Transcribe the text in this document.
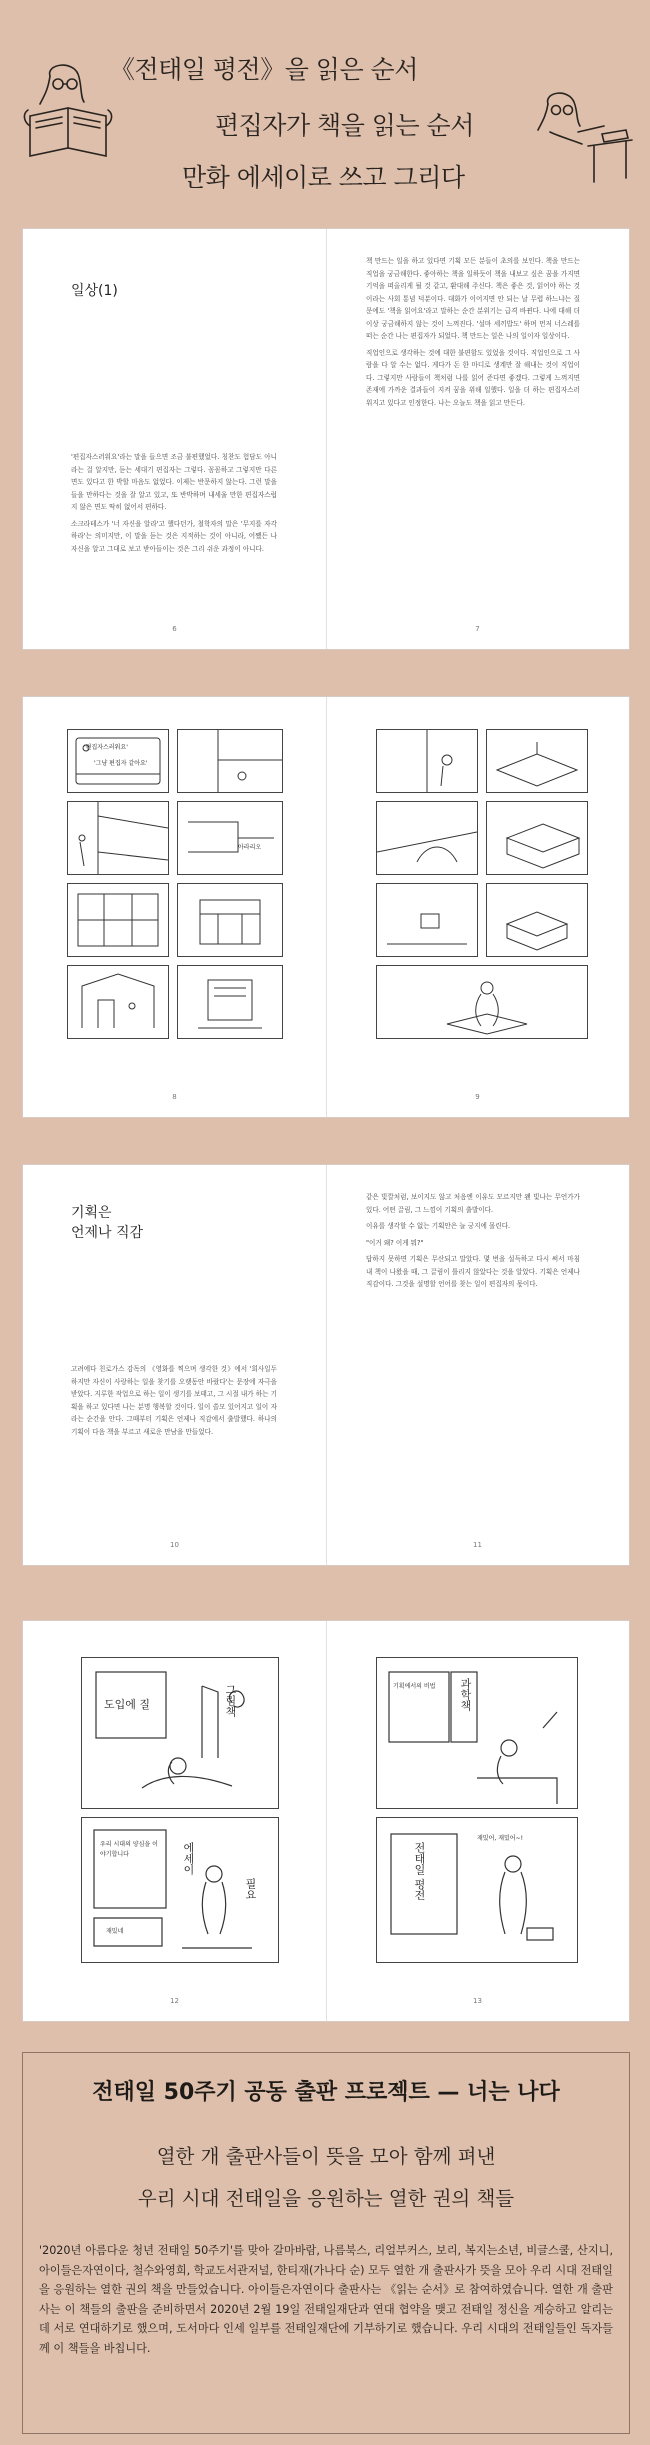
《전태일 평전》을 읽은 순서
편집자가 책을 읽는 순서
만화 에세이로 쓰고 그리다
일상(1)

'편집자스러워요'라는 말을 들으면 조금 불편했었다. 칭찬도 험담도 아니라는 걸 알지만, 듣는 세대기 편집자는 그렇다. 꼼꼼하고 그렇지만 다른 면도 있다고 한 박할 마음도 없었다. 이제는 반문하지 않는다. 그런 말을 들을 만하다는 것을 잘 알고 있고, 또 반박하며 내세울 만한 편집자스럽지 않은 면도 딱히 없어서 편하다.

소크라테스가 '너 자신을 알라'고 했다던가, 철학자의 말은 '무지를 자각하라'는 의미지만, 이 말을 듣는 것은 지적하는 것이 아니라, 어쨌든 나 자신을 알고 그대로 보고 받아들이는 것은 그리 쉬운 과정이 아니다.

6

책 만드는 일을 하고 있다면 기획 모든 분들이 초의를 보인다. 책을 만드는 직업을 궁금해한다. 좋아하는 책을 일하듯이 책을 내보고 싶은 꿈을 가지면 기억을 떠올리게 될 것 같고, 환대해 주신다. 책은 좋은 것, 읽어야 하는 것이라는 사회 통념 덕분이다. 대화가 이어지면 안 되는 날 무렵 하느냐는 질문에도 '책을 읽어요'라고 말하는 순간 분위기는 급격 바뀐다. 나에 대해 더 이상 궁금해하지 않는 것이 느껴진다. '설마 세끼밥도' 하며 먼저 너스레를 떠는 순간 나는 편집자가 되었다. 책 만드는 일은 나의 일이자 일상이다.

직업인으로 생각하는 것에 대한 불편함도 있었을 것이다. 직업인으로 그 사람을 다 알 수는 없다. 게다가 돈 한 마디로 생계만 잘 해내는 것이 직업이다. 그렇지만 사람들이 책처럼 나를 읽어 준다면 좋겠다. 그렇게 느껴지면 존재에 가까운 결과들이 지켜 꿈을 위해 일했다. 일을 더 하는 편집자스러워지고 있다고 인정한다. 나는 오늘도 책을 읽고 만든다.

7
'편집자스러워요'
'그냥 편집자 같아요'
아라리오
8	9
기획은
언제나 직감

고려에다 친로가스 감독의 《영화를 찍으며 생각한 것》에서 '회사일두 하지만 자신이 사랑하는 일을 찾기를 오랫동안 바랐다'는 문장에 자극을 받았다. 지루한 작업으로 하는 일이 생기를 보태고, 그 시절 내가 하는 기획을 하고 있다면 나는 분명 행복할 것이다. 일이 쓸모 있어지고 일이 자라는 순간을 안다. 그때부터 기획은 언제나 직감에서 출발했다. 하나의 기획이 다음 책을 부르고 새로운 만남을 만들었다.

10

같은 빛깔처럼, 보이지도 않고 처음엔 이유도 모르지만 왠 빛나는 무언가가 있다. 어떤 끌림, 그 느낌이 기획의 출발이다.

이유를 생각할 수 없는 기획안은 늘 궁지에 몰린다.

"이거 왜? 이게 뭐?"

답하지 못하면 기획은 무산되고 말았다. 몇 번을 설득하고 다시 써서 마침내 책이 나왔을 때, 그 끌림이 틀리지 않았다는 것을 알았다. 기획은 언제나 직감이다. 그것을 설명할 언어를 찾는 일이 편집자의 몫이다.

11
도입에 질	그림책
우리 시대의 양심을 이야기합니다	에세이
필요
재밌네
12
기획에서의 비법	과학책
재밌어, 재밌어~!
전태일 평전
13
전태일 50주기 공동 출판 프로젝트 — 너는 나다
열한 개 출판사들이 뜻을 모아 함께 펴낸
우리 시대 전태일을 응원하는 열한 권의 책들
'2020년 아름다운 청년 전태일 50주기'를 맞아 갈마바람, 나름북스, 리얼부커스, 보리, 복지는소년, 비글스쿨, 산지니, 아이들은자연이다, 철수와영희, 학교도서관저널, 한티재(가나다 순) 모두 열한 개 출판사가 뜻을 모아 우리 시대 전태일을 응원하는 열한 권의 책을 만들었습니다. 아이들은자연이다 출판사는 《읽는 순서》로 참여하였습니다. 열한 개 출판사는 이 책들의 출판을 준비하면서 2020년 2월 19일 전태일재단과 연대 협약을 맺고 전태일 정신을 계승하고 알리는 데 서로 연대하기로 했으며, 도서마다 인세 일부를 전태일재단에 기부하기로 했습니다. 우리 시대의 전태일들인 독자들께 이 책들을 바칩니다.
